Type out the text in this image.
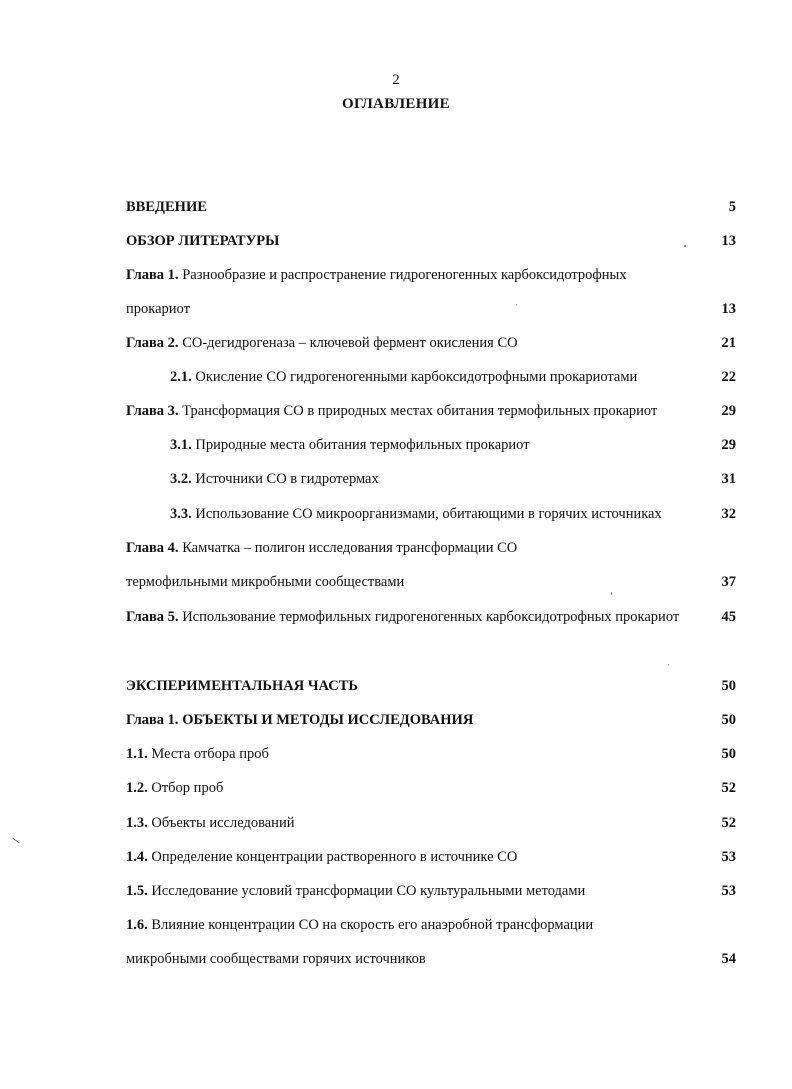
2
ОГЛАВЛЕНИЕ
ВВЕДЕНИЕ	5
ОБЗОР ЛИТЕРАТУРЫ	13
Глава 1. Разнообразие и распространение гидрогеногенных карбоксидотрофных
прокариот	13
Глава 2. СО-дегидрогеназа – ключевой фермент окисления СО	21
2.1. Окисление СО гидрогеногенными карбоксидотрофными прокариотами	22
Глава 3. Трансформация СО в природных местах обитания термофильных прокариот	29
3.1. Природные места обитания термофильных прокариот	29
3.2. Источники СО в гидротермах	31
3.3. Использование СО микроорганизмами, обитающими в горячих источниках	32
Глава 4. Камчатка – полигон исследования трансформации СО
термофильными микробными сообществами	37
Глава 5. Использование термофильных гидрогеногенных карбоксидотрофных прокариот	45
ЭКСПЕРИМЕНТАЛЬНАЯ ЧАСТЬ	50
Глава 1. ОБЪЕКТЫ И МЕТОДЫ ИССЛЕДОВАНИЯ	50
1.1. Места отбора проб	50
1.2. Отбор проб	52
1.3. Объекты исследований	52
1.4. Определение концентрации растворенного в источнике СО	53
1.5. Исследование условий трансформации СО культуральными методами	53
1.6. Влияние концентрации СО на скорость его анаэробной трансформации
микробными сообществами горячих источников	54
